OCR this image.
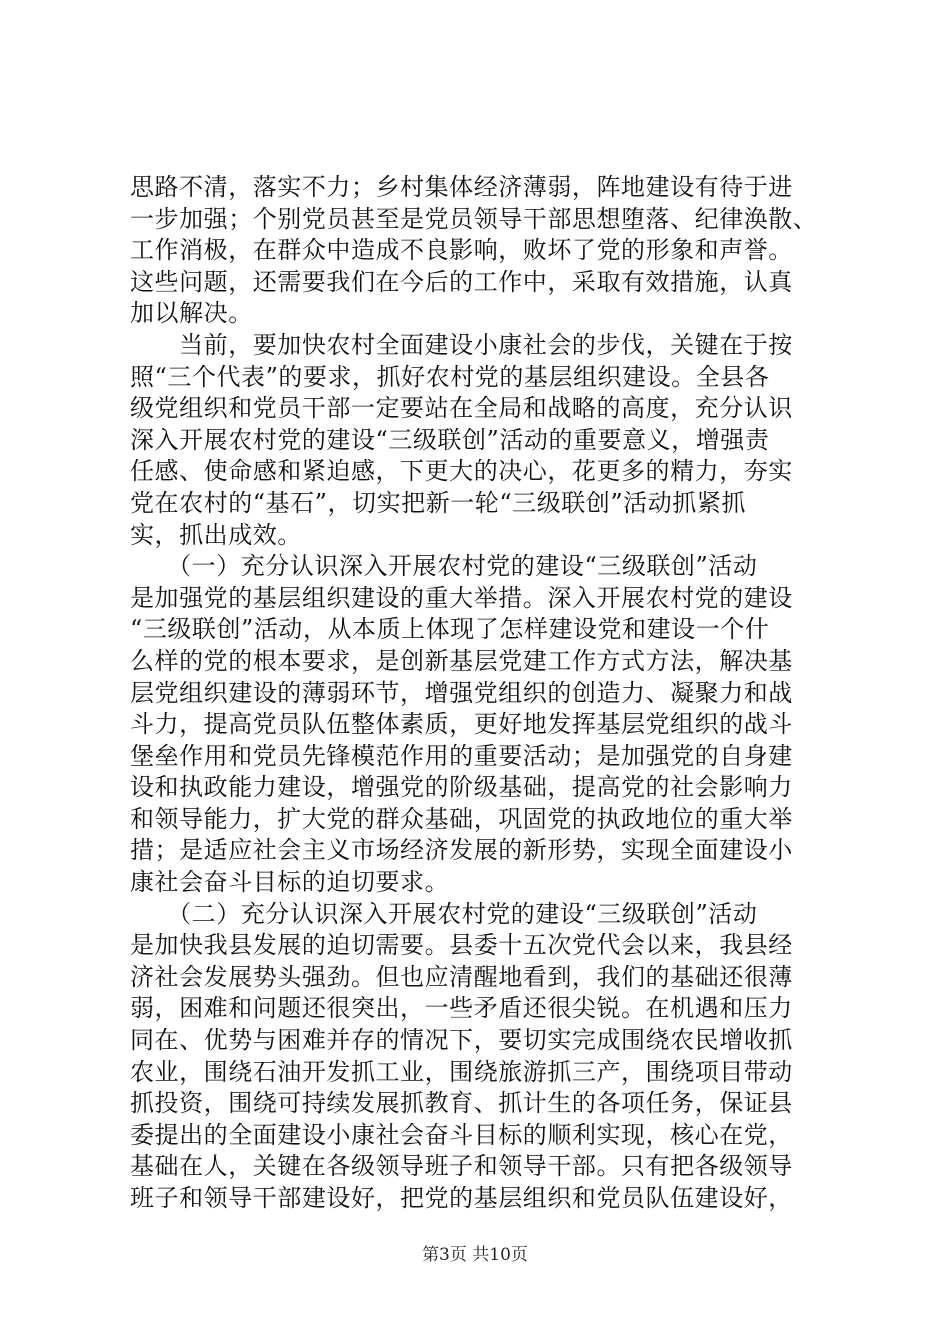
思路不清，落实不力；乡村集体经济薄弱，阵地建设有待于进
一步加强；个别党员甚至是党员领导干部思想堕落、纪律涣散、
工作消极，在群众中造成不良影响，败坏了党的形象和声誉。
这些问题，还需要我们在今后的工作中，采取有效措施，认真
加以解决。
　　当前，要加快农村全面建设小康社会的步伐，关键在于按
照“三个代表”的要求，抓好农村党的基层组织建设。全县各
级党组织和党员干部一定要站在全局和战略的高度，充分认识
深入开展农村党的建设“三级联创”活动的重要意义，增强责
任感、使命感和紧迫感，下更大的决心，花更多的精力，夯实
党在农村的“基石”，切实把新一轮“三级联创”活动抓紧抓
实，抓出成效。
　　（一）充分认识深入开展农村党的建设“三级联创”活动
是加强党的基层组织建设的重大举措。深入开展农村党的建设
“三级联创”活动，从本质上体现了怎样建设党和建设一个什
么样的党的根本要求，是创新基层党建工作方式方法，解决基
层党组织建设的薄弱环节，增强党组织的创造力、凝聚力和战
斗力，提高党员队伍整体素质，更好地发挥基层党组织的战斗
堡垒作用和党员先锋模范作用的重要活动；是加强党的自身建
设和执政能力建设，增强党的阶级基础，提高党的社会影响力
和领导能力，扩大党的群众基础，巩固党的执政地位的重大举
措；是适应社会主义市场经济发展的新形势，实现全面建设小
康社会奋斗目标的迫切要求。
　　（二）充分认识深入开展农村党的建设“三级联创”活动
是加快我县发展的迫切需要。县委十五次党代会以来，我县经
济社会发展势头强劲。但也应清醒地看到，我们的基础还很薄
弱，困难和问题还很突出，一些矛盾还很尖锐。在机遇和压力
同在、优势与困难并存的情况下，要切实完成围绕农民增收抓
农业，围绕石油开发抓工业，围绕旅游抓三产，围绕项目带动
抓投资，围绕可持续发展抓教育、抓计生的各项任务，保证县
委提出的全面建设小康社会奋斗目标的顺利实现，核心在党，
基础在人，关键在各级领导班子和领导干部。只有把各级领导
班子和领导干部建设好，把党的基层组织和党员队伍建设好，
第3页 共10页
